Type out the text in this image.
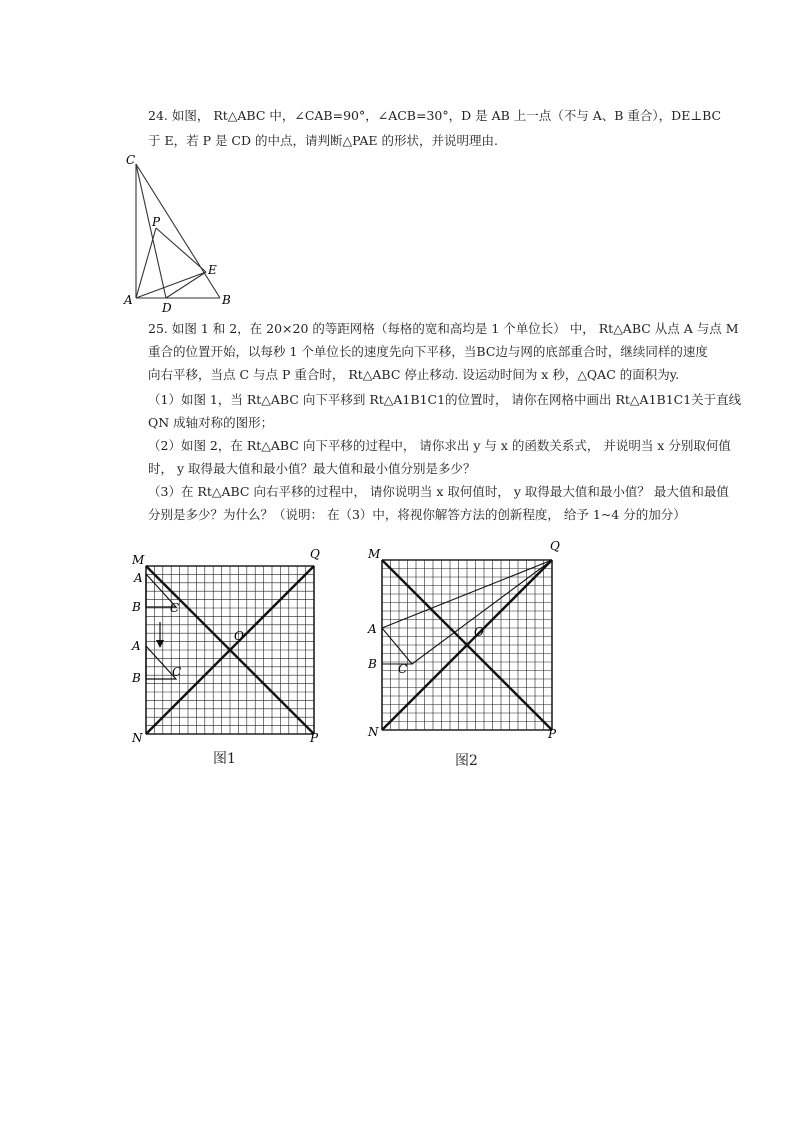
24. 如图， Rt△ABC 中，∠CAB=90°，∠ACB=30°，D 是 AB 上一点（不与 A、B 重合），DE⊥BC
于 E，若 P 是 CD 的中点，请判断△PAE 的形状，并说明理由.
C
P
E
A
D
B
25. 如图 1 和 2，在 20×20 的等距网格（每格的宽和高均是 1 个单位长） 中， Rt△ABC 从点 A 与点 M
重合的位置开始，以每秒 1 个单位长的速度先向下平移，当BC边与网的底部重合时，继续同样的速度
向右平移，当点 C 与点 P 重合时， Rt△ABC 停止移动. 设运动时间为 x 秒，△QAC 的面积为y.
（1）如图 1，当 Rt△ABC 向下平移到 Rt△A1B1C1的位置时， 请你在网格中画出 Rt△A1B1C1关于直线
QN 成轴对称的图形；
（2）如图 2，在 Rt△ABC 向下平移的过程中， 请你求出 y 与 x 的函数关系式， 并说明当 x 分别取何值
时， y 取得最大值和最小值？最大值和最小值分别是多少？
（3）在 Rt△ABC 向右平移的过程中， 请你说明当 x 取何值时， y 取得最大值和最小值？ 最大值和最值
分别是多少？为什么？（说明： 在（3）中，将视你解答方法的创新程度， 给予 1~4 分的加分）
M	Q
A
B C
O
A
B	C
N	P
图1
M
Q
A
B C
O
N	P
图2
